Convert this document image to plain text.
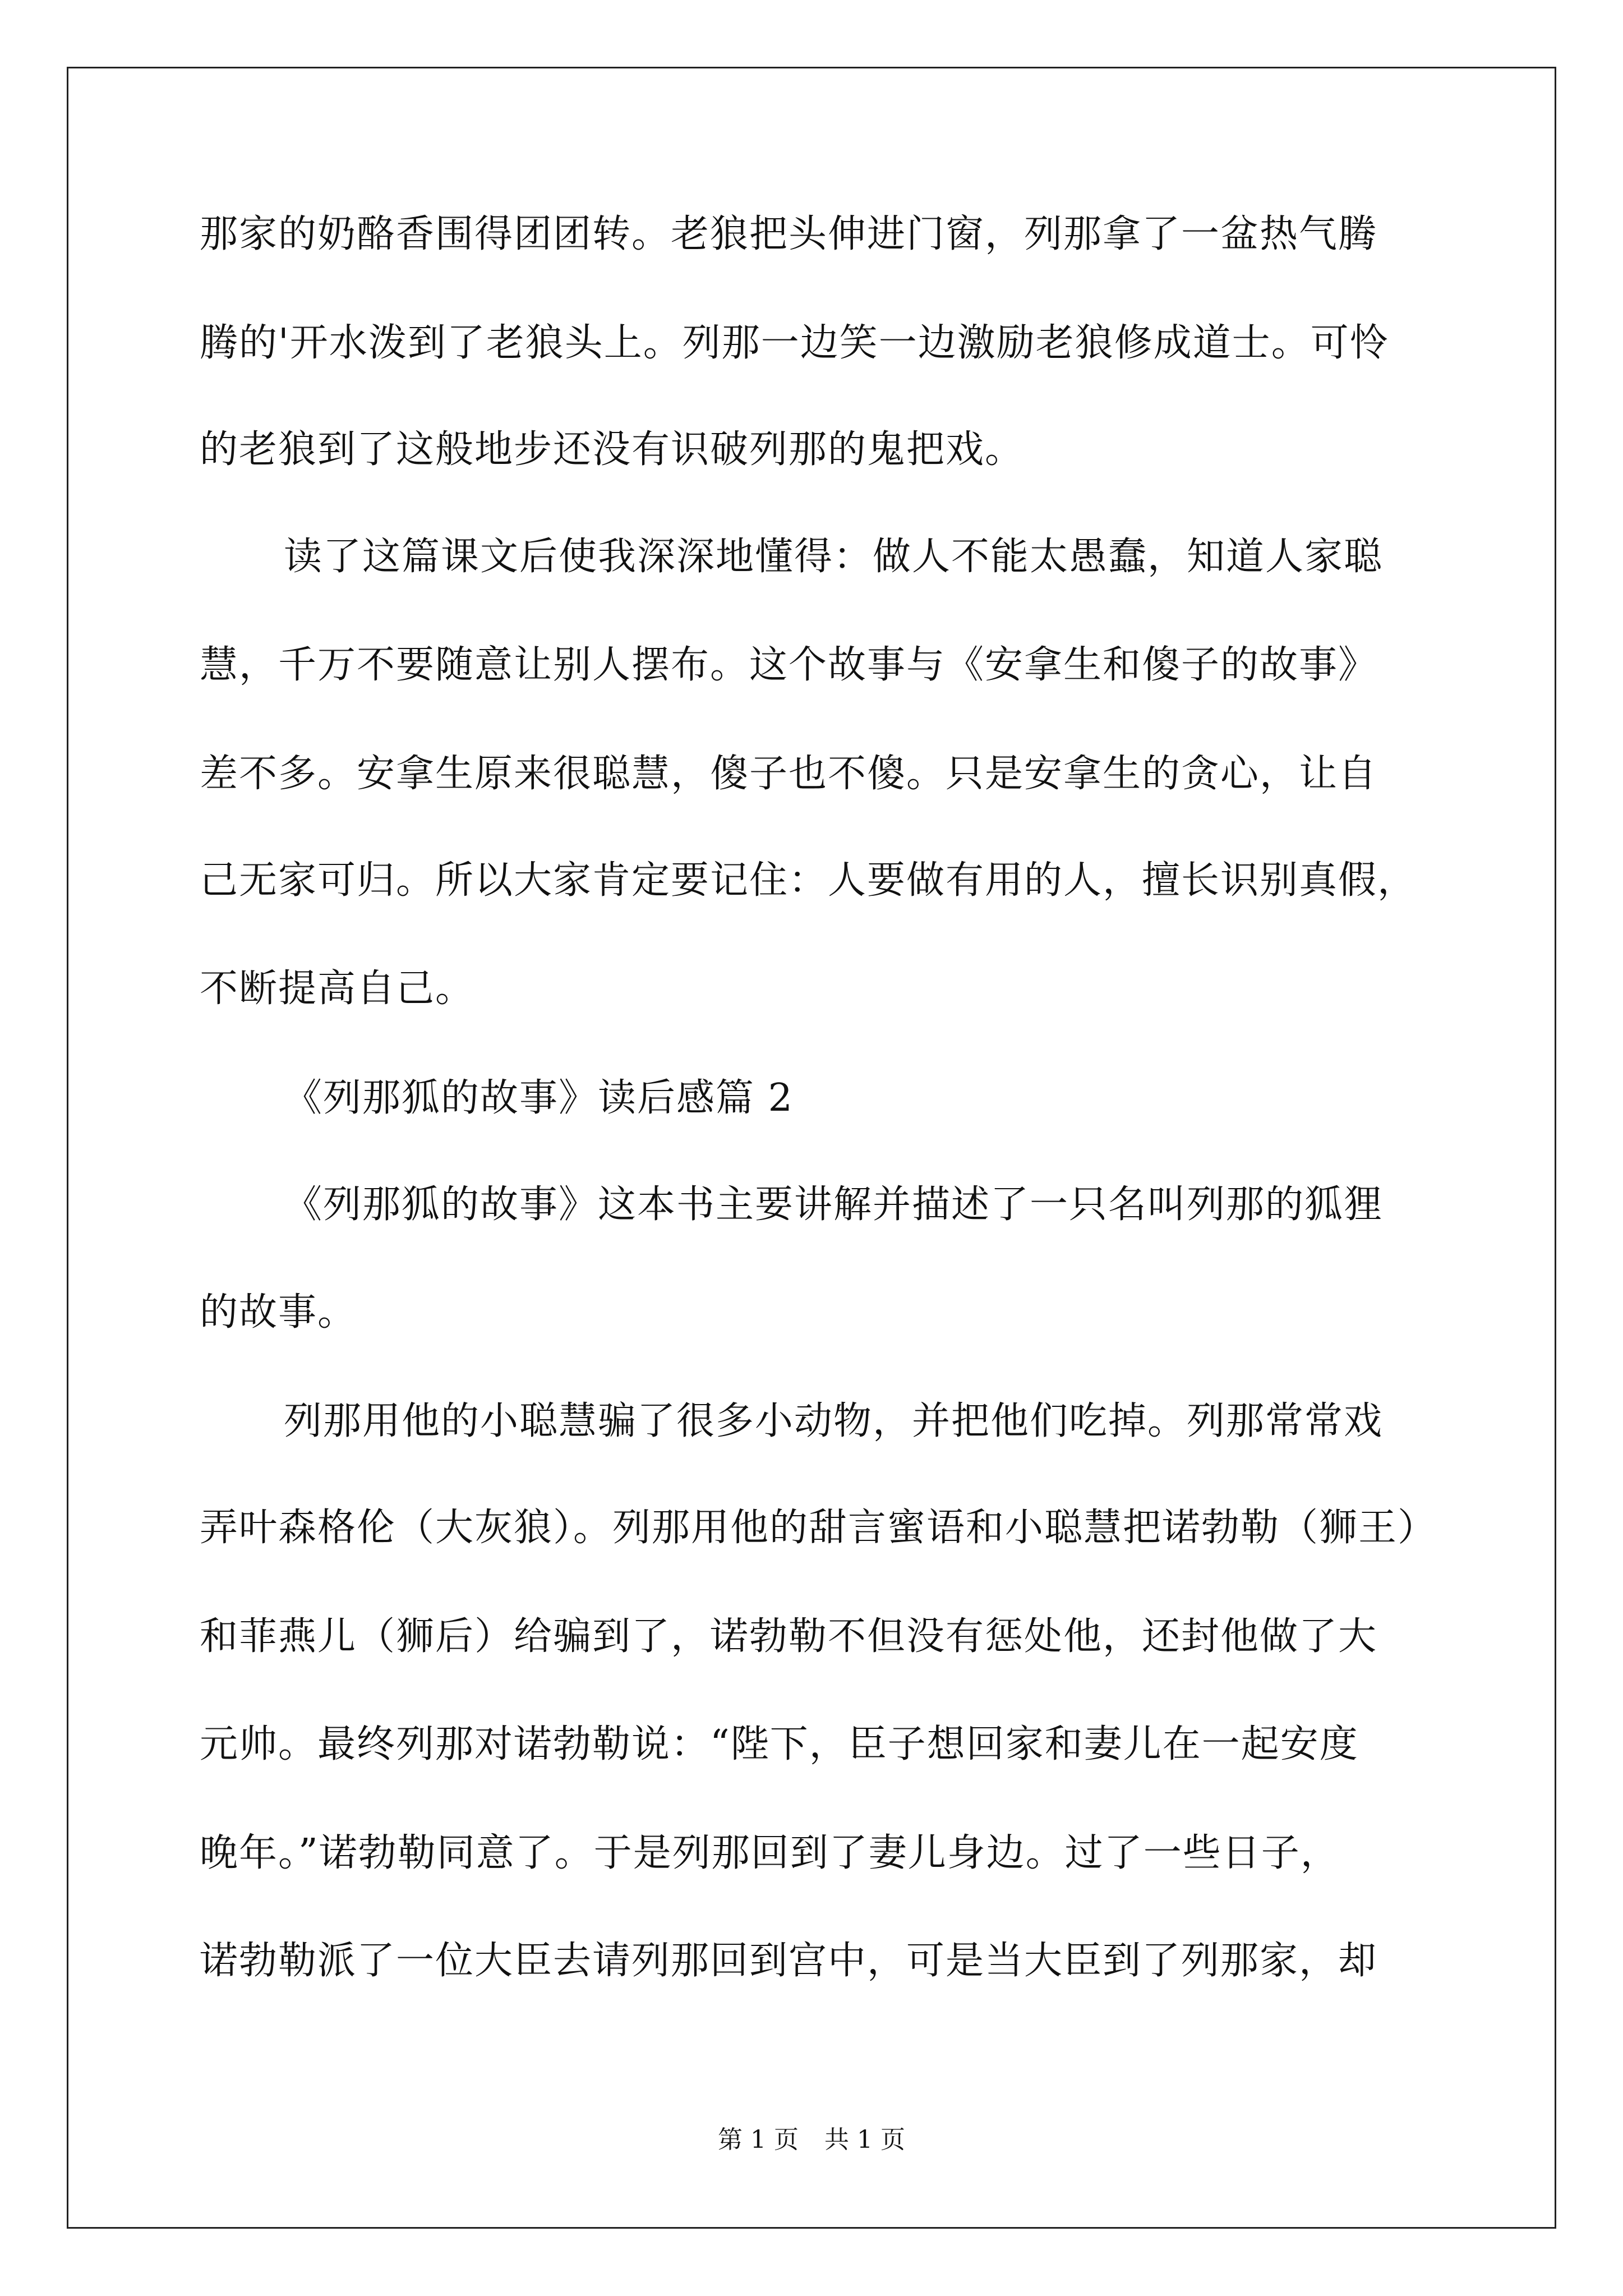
那家的奶酪香围得团团转。老狼把头伸进门窗，列那拿了一盆热气腾
腾的'开水泼到了老狼头上。列那一边笑一边激励老狼修成道士。可怜
的老狼到了这般地步还没有识破列那的鬼把戏。
读了这篇课文后使我深深地懂得：做人不能太愚蠢，知道人家聪
慧，千万不要随意让别人摆布。这个故事与《安拿生和傻子的故事》
差不多。安拿生原来很聪慧，傻子也不傻。只是安拿生的贪心，让自
己无家可归。所以大家肯定要记住：人要做有用的人，擅长识别真假，
不断提高自己。
《列那狐的故事》读后感篇 2
《列那狐的故事》这本书主要讲解并描述了一只名叫列那的狐狸
的故事。
列那用他的小聪慧骗了很多小动物，并把他们吃掉。列那常常戏
弄叶森格伦（大灰狼）。列那用他的甜言蜜语和小聪慧把诺勃勒（狮王）
和菲燕儿（狮后）给骗到了，诺勃勒不但没有惩处他，还封他做了大
元帅。最终列那对诺勃勒说：“陛下，臣子想回家和妻儿在一起安度
晚年。”诺勃勒同意了。于是列那回到了妻儿身边。过了一些日子，
诺勃勒派了一位大臣去请列那回到宫中，可是当大臣到了列那家，却
第 1 页 共 1 页
